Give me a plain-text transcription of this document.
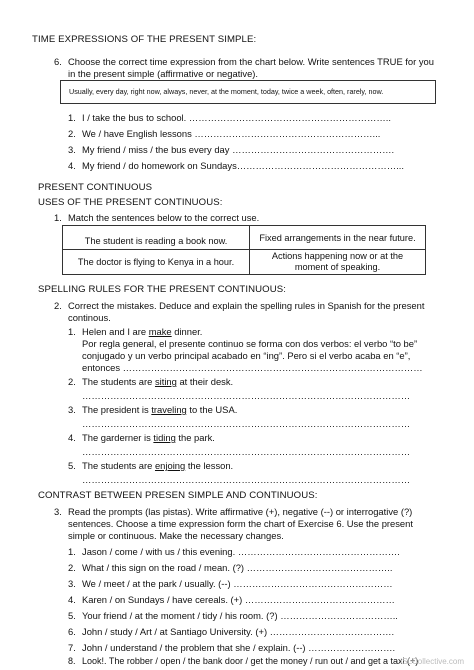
TIME EXPRESSIONS OF THE PRESENT SIMPLE:
6. Choose the correct time expression from the chart below. Write sentences TRUE for you
in the present simple (affirmative or negative).
Usually, every day, right now, always, never, at the moment, today, twice a week, often, rarely, now.
1. I / take the bus to school. ………………………………………………………..
2. We / have English lessons …………………………………………………...
3. My friend / miss / the bus every day …………………………………………….
4. My friend / do homework on Sundays……………………………………………...
PRESENT CONTINUOUS
USES OF THE PRESENT CONTINUOUS:
1. Match the sentences below to the correct use.
The student is reading a book now.	Fixed arrangements in the near future.
The doctor is flying to Kenya in a hour.	Actions happening now or at the
moment of speaking.
SPELLING RULES FOR THE PRESENT CONTINUOUS:
2. Correct the mistakes. Deduce and explain the spelling rules in Spanish for the present
continous.
1. Helen and I are make dinner.
Por regla general, el presente continuo se forma con dos verbos: el verbo “to be”
conjugado y un verbo principal acabado en “ing”. Pero si el verbo acaba en “e”,
entonces ……………………………………………………………………………………
2. The students are siting at their desk.
……………………………………………………………………………………………
3. The president is traveling to the USA.
……………………………………………………………………………………………
4. The garderner is tiding the park.
……………………………………………………………………………………………
5. The students are enjoing the lesson.
……………………………………………………………………………………………
CONTRAST BETWEEN PRESEN SIMPLE AND CONTINUOUS:
3. Read the prompts (las pistas). Write affirmative (+), negative (--) or interrogative (?)
sentences. Choose a time expression form the chart of Exercise 6. Use the present
simple or continuous. Make the necessary changes.
1. Jason / come / with us / this evening. …………………………………………….
2. What / this sign on the road / mean. (?) ………………………………………..
3. We / meet / at the park / usually. (--) ……………………………………………
4. Karen / on Sundays / have cereals. (+) …………………………………………
5. Your friend / at the moment / tidy / his room. (?) ………………………………..
6. John / study / Art / at Santiago University. (+) ………………………………….
7. John / understand / the problem that she / explain. (--) ……………………….
8. Look!. The robber / open / the bank door / get the money / run out / and get a taxi (+)
iSLCollective.com
